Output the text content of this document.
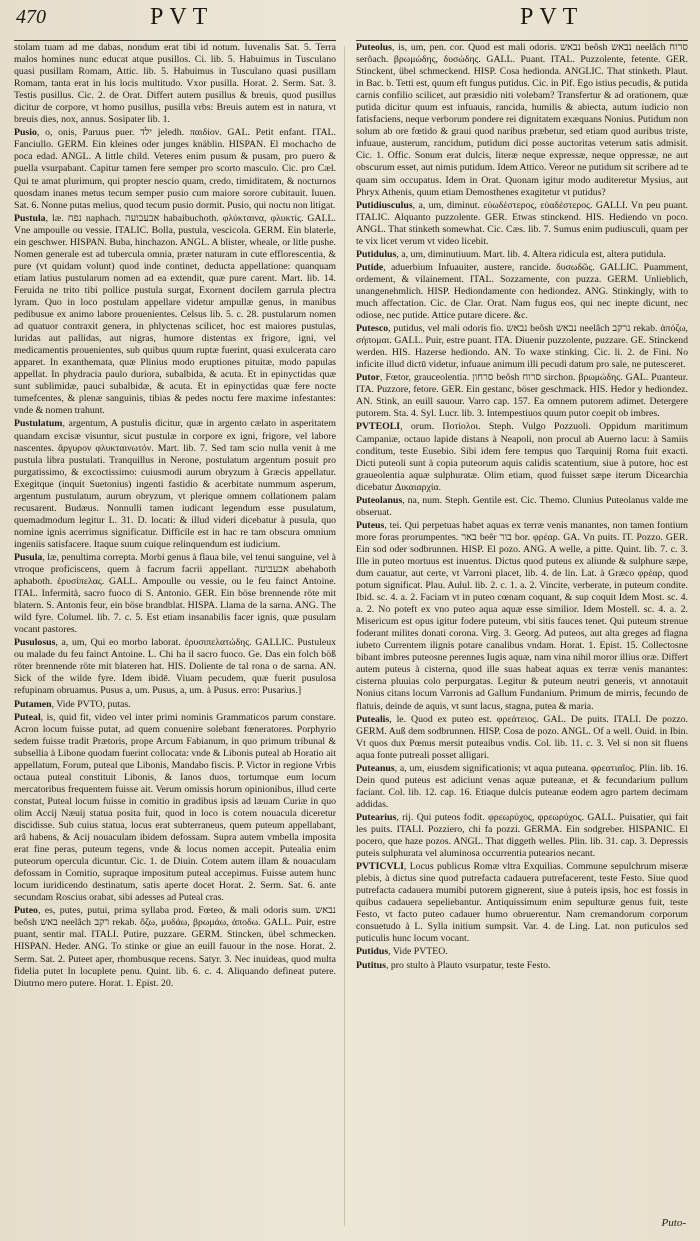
470	PVT	PVT

stolam tuam ad me dabas, nondum erat tibi id notum. Iuvenalis Sat. 5. Terra malos homines nunc educat atque pusillos. Ci. lib. 5. Habuimus in Tusculano quasi pusillam Romam, Attic. lib. 5. Habuimus in Tusculano quasi pusillam Romam, tanta erat in his locis multitudo. Vxor pusilla. Horat. 2. Serm. Sat. 3. Testis pusillus. Cic. 2. de Orat. Differt autem pusillus & breuis, quod pusillus dicitur de corpore, vt homo pusillus, pusilla vrbs: Breuis autem est in natura, vt breuis dies, nox, annus. Sosipater lib. 1.

Pusio, o, onis, Paruus puer. ילד jeledh. παιδίον. GAL. Petit enfant. ITAL. Fanciullo. GERM. Ein kleines oder junges knäblin. HISPAN. El mochacho de poca edad. ANGL. A little child. Veteres enim pusum & pusam, pro puero & puella vsurpabant. Capitur tamen fere semper pro scorto masculo. Cic. pro Cæl. Qui te amat plurimum, qui propter nescio quam, credo, timiditatem, & nocturnos quosdam inanes metus tecum semper pusio cum maiore sorore cubitauit. Iuuen. Sat. 6. Nonne putas melius, quod tecum pusio dormit. Pusio, qui noctu non litigat.

Pustula, læ. נפח naphach. אבעבועה habaibuchoth. φλύκταινα, φλυκτίς. GALL. Vne ampoulle ou vessie. ITALIC. Bolla, pustula, vescicola. GERM. Ein blaterle, ein geschwer. HISPAN. Buba, hinchazon. ANGL. A blister, wheale, or litle pushe. Nomen generale est ad tubercula omnia, præter naturam in cute efflorescentia, & pure (vt quidam volunt) quod inde continet, deducta appellatione: quanquam etiam latius pustularum nomen ad ea extendit, quæ pure carent. Mart. lib. 14. Feruida ne trito tibi pollice pustula surgat, Exornent docilem garrula plectra lyram. Quo in loco postulam appellare videtur ampullæ genus, in manibus pedibusue ex animo labore prouenientes. Celsus lib. 5. c. 28. pustularum nomen ad quatuor contraxit genera, in phlyctenas scilicet, hoc est maiores pustulas, luridas aut pallidas, aut nigras, humore distentas ex frigore, igni, vel medicamentis prouenientes, sub quibus quum ruptæ fuerint, quasi exulcerata caro apparet. In exanthemata, quæ Plinius modo eruptiones pituitæ, modo papulas appellat. In phydracia paulo duriora, subalbida, & acuta. Et in epinyctidas quæ sunt sublimidæ, pauci subalbidæ, & acuta. Et in epinyctidas quæ fere nocte tumefcentes, & plenæ sanguinis, tibias & pedes noctu fere maxime infestantes: vnde & nomen trahunt.

Pustulatum, argentum, A pustulis dicitur, quæ in argento cælato in asperitatem quandam excisæ visuntur, sicut pustulæ in corpore ex igni, frigore, vel labore nascentes. ἄργυρον φλυκταινωτόν. Mart. lib. 7. Sed tam scio nulla venit à me pustula libra pustulati. Tranquillus in Nerone, postulatum argentum posuit pro purgatissimo, & excoctissimo: cuiusmodi aurum obryzum à Græcis appellatur. Exegitque (inquit Suetonius) ingenti fastidio & acerbitate nummum asperum, argentum pustulatum, aurum obryzum, vt plerique omnem collationem palam recusarent. Budæus. Nonnulli tamen iudicant legendum esse pusulatum, quemadmodum legitur L. 31. D. locati: & illud videri dicebatur à pusula, quo nomine ignis acerrimus significatur. Difficile est in hac re tam obscura omnium ingeniis satisfacere. Itaque suum cuique relinquendum est iudicium.

Pusula, læ, penultima correpta. Morbi genus à flaua bile, vel tenui sanguine, vel à vtroque proficiscens, quem à facrum facrii appellant. אבעבועה abehaboth aphaboth. ἐρυσίπελας. GALL. Ampoulle ou vessie, ou le feu fainct Antoine. ITAL. Infermità, sacro fuoco di S. Antonio. GER. Ein böse brennende röte mit blatern. S. Antonis feur, ein böse brandblat. HISPA. Llama de la sarna. ANG. The wild fyre. Columel. lib. 7. c. 5. Est etiam insanabilis facer ignis, quæ pusulam vocant pastores.

Pusulosus, a, um, Qui eo morbo laborat. ἐρυσιπελατώδης. GALLIC. Pustuleux ou malade du feu fainct Antoine. L. Chi ha il sacro fuoco. Ge. Das ein folch böß röter brennende röte mit blateren hat. HIS. Doliente de tal rona o de sarna. AN. Sick of the wilde fyre. Idem ibidē. Viuam pecudem, quæ fuerit pusulosa refupinam obruamus. Pusus a, um. Pusus, a, um. à Pusus. erro: Pusarius.]

Putamen, Vide PVTO, putas.

Puteal, is, quid fit, video vel inter primi nominis Grammaticos parum constare. Acron locum fuisse putat, ad quem conuenire solebant fœneratores. Porphyrio sedem fuisse tradit Prætoris, prope Arcum Fabianum, in quo primum tribunal & subsellia à Libone quodam fuerint collocata: vnde & Libonis puteal ab Horatio ait appellatum, Forum, puteal que Libonis, Mandabo fiscis. P. Victor in regione Vrbis octaua puteal constituit Libonis, & Ianos duos, tortumque eum locum mercatoribus frequentem fuisse ait. Verum omissis horum opinionibus, illud certe constat, Puteal locum fuisse in comitio in gradibus ipsis ad læuam Curiæ in quo olim Accij Næuij statua posita fuit, quod in loco is cotem nouacula diceretur discidisse. Sub cuius statua, locus erat subterraneus, quem puteum appellabant, arâ habens, & Acij nouaculam ibidem defossam. Supra autem vmbella imposita erat fine peras, puteum tegens, vnde & locus nomen accepit. Putealia enim puteorum opercula dicuntur. Cic. 1. de Diuin. Cotem autem illam & nouaculam defossam in Comitio, supraque impositum puteal accepimus. Fuisse autem hunc locum iuridicendo destinatum, satis aperte docet Horat. 2. Serm. Sat. 6. ante secundam Roscius orabat, sibi adesses ad Puteal cras.

Puteo, es, putes, putui, prima syllaba prod. Fœteo, & mali odoris sum. נבאש beôsh באש neelâch רקב rekab. ὄζω, μυδάω, βρωμάω, ἀποδω. GALL. Puir, estre puant, sentir mal. ITALI. Putire, puzzare. GERM. Stincken, übel schmecken. HISPAN. Heder. ANG. To stinke or giue an euill fauour in the nose. Horat. 2. Serm. Sat. 2. Puteet aper, rhombusque recens. Satyr. 3. Nec inuideas, quod multa fidelia putet In locuplete penu. Quint. lib. 6. c. 4. Aliquando defineat putere. Diutrno mero putere. Horat. 1. Epist. 20.

Puteolus, is, um, pen. cor. Quod est mali odoris. נבאש beôsh נבאש neelâch סרוח serôach. βρωμώδης, δυσώδης. GALL. Puant. ITAL. Puzzolente, fetente. GER. Stinckent, übel schmeckend. HISP. Cosa hedionda. ANGLIC. That stinketh. Plaut. in Bac. b. Tetti est, quum eft fungus putidus. Cic. in Pif. Ego istius pecudis, & putida carnis confilio scilicet, aut præsidio niti volebam? Transfertur & ad orationem, quæ putida dicitur quum est infuauis, rancida, humilis & abiecta, autum iudicio non fatisfaciens, neque verborum pondere rei dignitatem exæquans Nonius. Putidum non solum ab ore fœtido & graui quod naribus præbetur, sed etiam quod auribus triste, infuaue, austerum, rancidum, putidum dici posse auctoritas veterum satis admisit. Cic. 1. Offic. Sonum erat dulcis, literæ neque expressæ, neque oppressæ, ne aut obscurum esset, aut nimis putidum. Idem Attico. Vereor ne putidum sit scribere ad te quam sim occupatus. Idem in Orat. Quonam igitur modo auditeretur Mysius, aut Phryx Athenis, quum etiam Demosthenes exagitetur vt putidus?

Putidiusculus, a, um, diminut. εὐωδέστερος, εὐαδέστερος. GALLI. Vn peu puant. ITALIC. Alquanto puzzolente. GER. Etwas stinckend. HIS. Hediendo vn poco. ANGL. That stinketh somewhat. Cic. Cæs. lib. 7. Sumus enim pudiusculi, quam per te vix licet verum vt video licebit.

Putidulus, a, um, diminutiuum. Mart. lib. 4. Altera ridicula est, altera putidula.

Putide, aduerbium Infuauiter, austere, rancide. δυσωδῶς. GALLIC. Puamment, ordement, & vilainement. ITAL. Sozzamente, con puzza. GERM. Unlieblich, unangenehmlich. HISP. Hediondamente con hediondez. ANG. Stinkingly, with to much affectation. Cic. de Clar. Orat. Nam fugus eos, qui nec inepte dicunt, nec odiose, nec putide. Attice putare dicere. &c.

Putesco, putidus, vel mali odoris fio. נבאש beôsh נבאש neelâch נרקב rekab. ἀπόζω, σήπομαι. GALL. Puir, estre puant. ITA. Diuenir puzzolente, puzzare. GE. Stinckend werden. HIS. Hazerse hediondo. AN. To waxe stinking. Cic. li. 2. de Fini. No inficite illud dictū videtur, infuaue animum illi pecudi datum pro sale, ne putesceret.

Putor, Fœtor, grauceolentia. סרחון beôsh סרוח sirchon. βρωμώδης. GAL. Puanteur. ITA. Puzzore, fetore. GER. Ein gestanc, böser geschmack. HIS. Hedor y hediondez. AN. Stink, an euill sauour. Varro cap. 157. Ea omnem putorem adimet. Detergere putorem. Sta. 4. Syl. Lucr. lib. 3. Intempestiuos quum putor coepit ob imbres.

PVTEOLI, orum. Ποτίολοι. Steph. Vulgo Pozzuoli. Oppidum maritimum Campaniæ, octauo lapide distans à Neapoli, non procul ab Auerno lacu: à Samiis conditum, teste Eusebio. Sibi idem fere tempus quo Tarquinij Roma fuit exacti. Dicti puteoli sunt à copia puteorum aquis calidis scatentium, siue à putore, hoc est graueolentia aquæ sulphuratæ. Olim etiam, quod fuisset sæpe iterum Dicearchia dicebatur Δικαιαρχία.

Puteolanus, na, num. Steph. Gentile est. Cic. Themo. Clunius Puteolanus valde me obseruat.

Puteus, tei. Qui perpetuas habet aquas ex terræ venis manantes, non tamen fontium more foras prorumpentes. באר beêr בור bor. φρέαρ. GA. Vn puits. IT. Pozzo. GER. Ein sod oder sodbrunnen. HISP. El pozo. ANG. A welle, a pitte. Quint. lib. 7. c. 3. Ille in puteo mortuus est inuentus. Dictus quod puteus ex aliunde & sulphure sæpe, dum cauatur, aut certe, vt Varroni placet, lib. 4. de lin. Lat. à Græco φρέαρ, quod potum significat. Plau. Aulul. lib. 2. c. 1. a. 2. Vincite, verberate, in puteum condite. Ibid. sc. 4. a. 2. Faciam vt in puteo cœnam coquant, & sup coquit Idem Most. sc. 4. a. 2. No poteft ex vno puteo aqua aquæ esse similior. Idem Mostell. sc. 4. a. 2. Misericum est opus igitur fodere puteum, vbi sitis fauces tenet. Qui puteum strenue foderant milites donati corona. Virg. 3. Georg. Ad puteos, aut alta greges ad flagna iubeto Currentem ilignis potare canalibus vndam. Horat. 1. Epist. 15. Collectosne bibant imbres puteosne perennes Iugis aquæ, nam vina nihil moror illius oræ. Differt autem puteus à cisterna, quod ille suas habeat aquas ex terræ venis manantes: cisterna pluuias colo perpurgatas. Legitur & puteum neutri generis, vt annotauit Nonius citans locum Varronis ad Gallum Fundanium. Primum de mirris, fecundo de flatuis, deinde de aquis, vt sunt lacus, stagna, putea & maria.

Putealis, le. Quod ex puteo est. φρεάτειος. GAL. De puits. ITALI. De pozzo. GERM. Auß dem sodbrunnen. HISP. Cosa de pozo. ANGL. Of a well. Ouid. in Ibin. Vt quos dux Pœnus mersit puteaibus vndis. Col. lib. 11. c. 3. Vel si non sit fluens aqua fonte putreali posset alligari.

Puteanus, a, um, eiusdem significationis; vt aqua puteana. φρεατιαῖος. Plin. lib. 16. Dein quod puteus est adiciunt venas aquæ puteanæ, et & fecundarium pullum faciant. Col. lib. 12. cap. 16. Etiaque dulcis puteanæ eodem agro partem decimam addidas.

Putearius, rij. Qui puteos fodit. φρεωρύχος, φρεωρύχος. GALL. Puisatier, qui fait les puits. ITALI. Pozziero, chi fa pozzi. GERMA. Ein sodgreber. HISPANIC. El pocero, que haze pozos. ANGL. That diggeth welles. Plin. lib. 31. cap. 3. Depressis puteis sulphurata vel aluminosa occurrentia putearios necant.

PVTICVLI, Locus publicus Romæ vltra Exquilias. Commune sepulchrum miseræ plebis, à dictus sine quod putrefacta cadauera putrefacerent, teste Festo. Siue quod putrefacta cadauera mumibi putorem gignerent, siue à puteis ipsis, hoc est fossis in quibus cadauera sepeliebantur. Antiquissimum enim sepulturæ genus fuit, teste Festo, vt facto puteo cadauer humo obruerentur. Nam cremandorum corporum consuetudo à L. Sylla initium sumpsit. Var. 4. de Ling. Lat. non puticulos sed puticulis hunc locum vocant.

Putidus, Vide PVTEO.

Putitus, pro stulto à Plauto vsurpatur, teste Festo.

Puto-
